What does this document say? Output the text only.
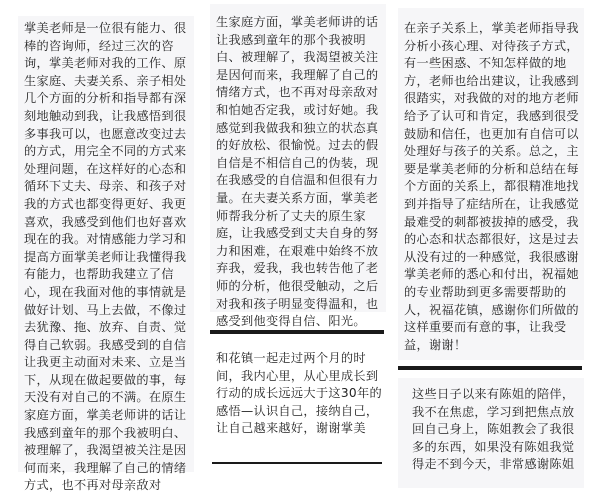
掌美老师是一位很有能力、很棒的咨询师，经过三次的咨询，掌美老师对我的工作、原生家庭、夫妻关系、亲子相处几个方面的分析和指导都有深刻地触动到我，让我感悟到很多事我可以，也愿意改变过去的方式，用完全不同的方式来处理问题，在这样好的心态和循环下丈夫、母亲、和孩子对我的方式也都变得更好、我更喜欢，我感受到他们也好喜欢现在的我。对情感能力学习和提高方面掌美老师让我懂得我有能力，也帮助我建立了信心，现在我面对他的事情就是做好计划、马上去做，不像过去犹豫、拖、放弃、自责、觉得自己软弱。我感受到的自信让我更主动面对未来、立是当下，从现在做起要做的事，每天没有对自己的不满。在原生家庭方面，掌美老师讲的话让我感到童年的那个我被明白、被理解了，我渴望被关注是因何而来，我理解了自己的情绪方式，也不再对母亲敌对
生家庭方面，掌美老师讲的话让我感到童年的那个我被明白、被理解了，我渴望被关注是因何而来，我理解了自己的情绪方式，也不再对母亲敌对和怕她否定我，或讨好她。我感觉到我做我和独立的状态真的好放松、很愉悦。过去的假自信是不相信自己的伪装，现在我感受的自信温和但很有力量。在夫妻关系方面，掌美老师帮我分析了丈夫的原生家庭，让我感受到丈夫自身的努力和困难，在艰难中始终不放弃我，爱我，我也转告他了老师的分析，他很受触动，之后对我和孩子明显变得温和，也感受到他变得自信、阳光。
在亲子关系上，掌美老师指导我分析小孩心理、对待孩子方式，有一些困惑、不知怎样做的地方，老师也给出建议，让我感到很踏实，对我做的对的地方老师给予了认可和肯定，我感到很受鼓励和信任，也更加有自信可以处理好与孩子的关系。总之，主要是掌美老师的分析和总结在每个方面的关系上，都很精准地找到并指导了症结所在，让我感觉最难受的刺都被拔掉的感受，我的心态和状态都很好，这是过去从没有过的一种感觉，我很感谢掌美老师的悉心和付出，祝福她的专业帮助到更多需要帮助的人，祝福花镇，感谢你们所做的这样重要而有意的事，让我受益，谢谢！
和花镇一起走过两个月的时间，我内心里，从心里成长到行动的成长远远大于这30年的感悟—认识自己，接纳自己，让自己越来越好，谢谢掌美
这些日子以来有陈姐的陪伴，我不在焦虑，学习到把焦点放回自己身上，陈姐教会了我很多的东西，如果没有陈姐我觉得走不到今天，非常感谢陈姐
